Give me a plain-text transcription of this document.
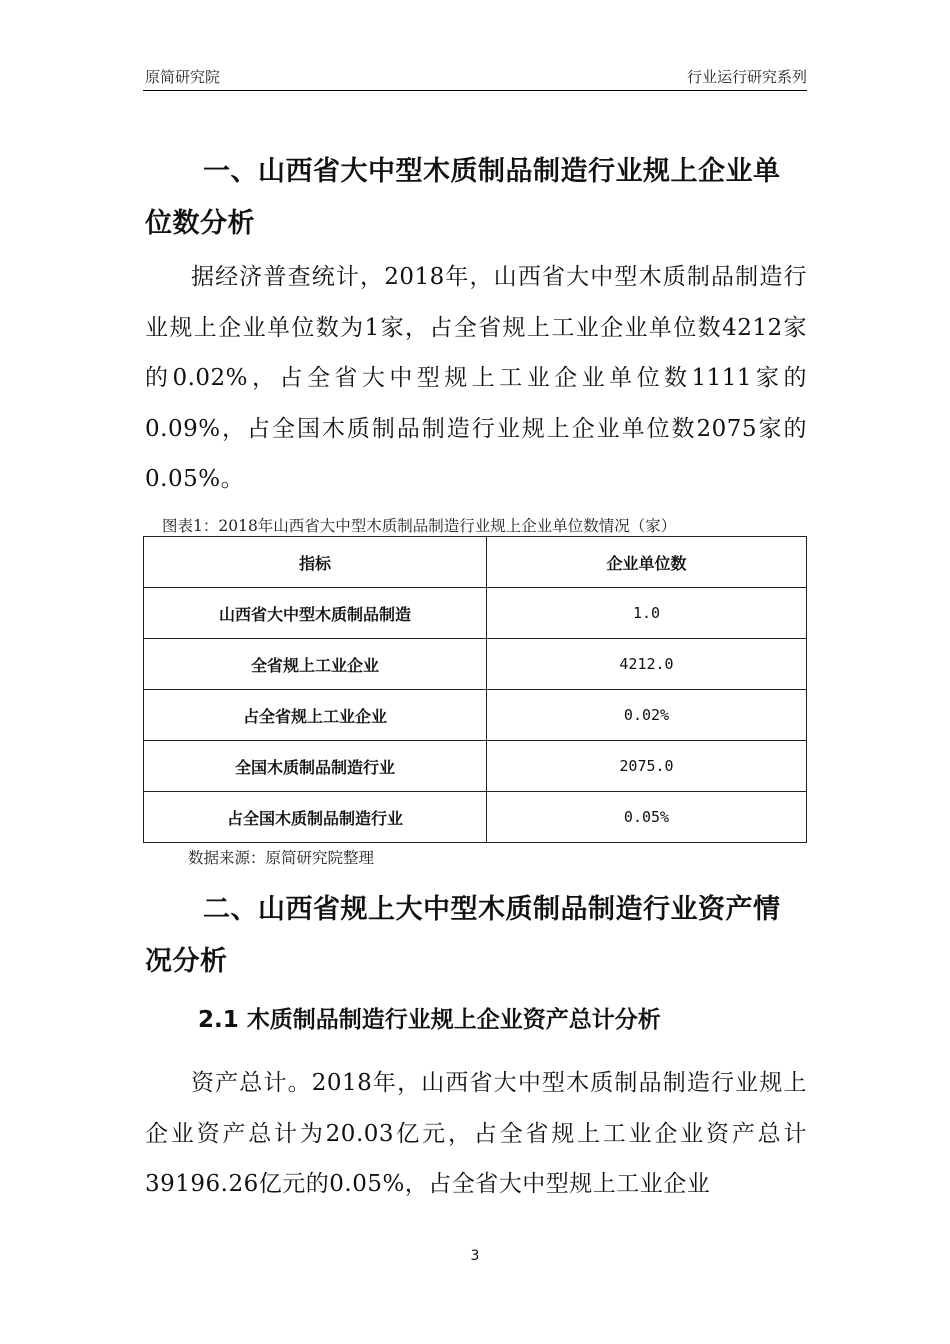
原简研究院	行业运行研究系列
一、山西省大中型木质制品制造行业规上企业单
位数分析

据经济普查统计，2018年，山西省大中型木质制品制造行业规上企业单位数为1家，占全省规上工业企业单位数4212家的0.02%，占全省大中型规上工业企业单位数1111家的0.09%，占全国木质制品制造行业规上企业单位数2075家的0.05%。

图表1：2018年山西省大中型木质制品制造行业规上企业单位数情况（家）
指标	企业单位数
山西省大中型木质制品制造	1.0
全省规上工业企业	4212.0
占全省规上工业企业	0.02%
全国木质制品制造行业	2075.0
占全国木质制品制造行业	0.05%
数据来源：原简研究院整理
二、山西省规上大中型木质制品制造行业资产情
况分析
2.1 木质制品制造行业规上企业资产总计分析

资产总计。2018年，山西省大中型木质制品制造行业规上企业资产总计为20.03亿元，占全省规上工业企业资产总计39196.26亿元的0.05%，占全省大中型规上工业企业

3
